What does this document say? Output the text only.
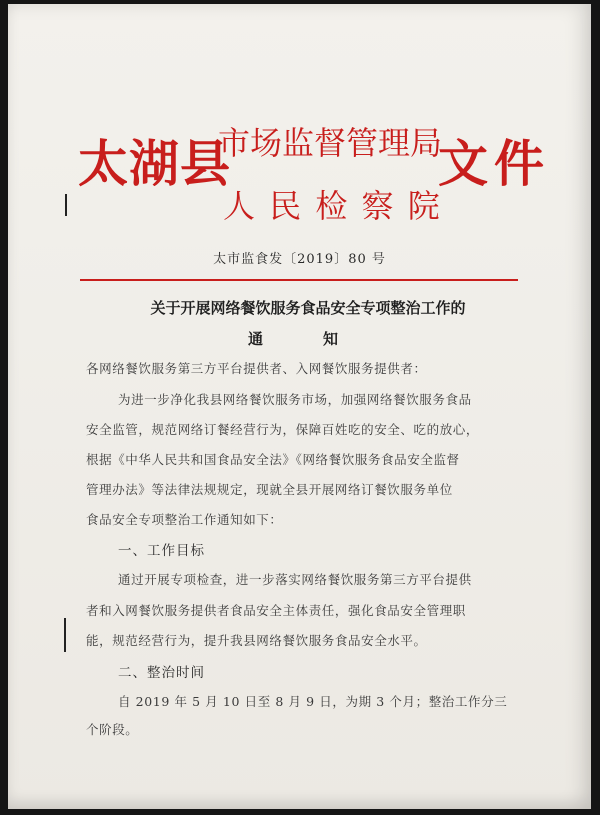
太湖县
市场监督管理局
人 民 检 察 院
文件
太市监食发〔2019〕80 号
关于开展网络餐饮服务食品安全专项整治工作的
通知
各网络餐饮服务第三方平台提供者、入网餐饮服务提供者：
为进一步净化我县网络餐饮服务市场，加强网络餐饮服务食品
安全监管，规范网络订餐经营行为，保障百姓吃的安全、吃的放心，
根据《中华人民共和国食品安全法》《网络餐饮服务食品安全监督
管理办法》等法律法规规定，现就全县开展网络订餐饮服务单位
食品安全专项整治工作通知如下：
一、工作目标
通过开展专项检查，进一步落实网络餐饮服务第三方平台提供
者和入网餐饮服务提供者食品安全主体责任，强化食品安全管理职
能，规范经营行为，提升我县网络餐饮服务食品安全水平。
二、整治时间
自 2019 年 5 月 10 日至 8 月 9 日，为期 3 个月；整治工作分三
个阶段。
